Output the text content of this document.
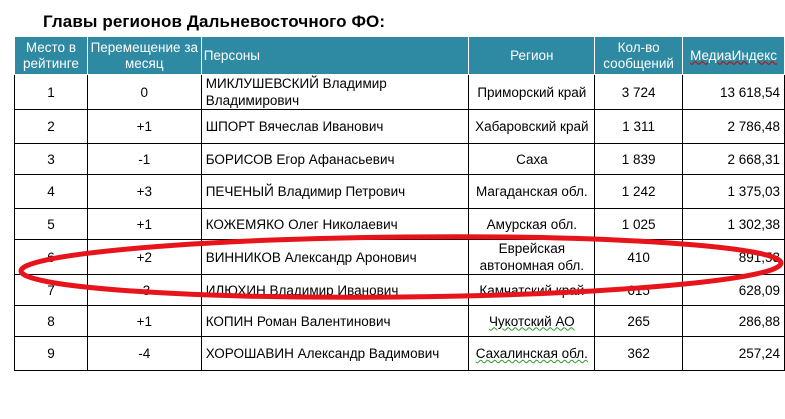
Главы регионов Дальневосточного ФО:
Место в рейтинге	Перемещение за месяц	Персоны	Регион	Кол-во сообщений	МедиаИндекс
1	0	МИКЛУШЕВСКИЙ Владимир Владимирович	Приморский край	3 724	13 618,54
2	+1	ШПОРТ Вячеслав Иванович	Хабаровский край	1 311	2 786,48
3	-1	БОРИСОВ Егор Афанасьевич	Саха	1 839	2 668,31
4	+3	ПЕЧЕНЫЙ Владимир Петрович	Магаданская обл.	1 242	1 375,03
5	+1	КОЖЕМЯКО Олег Николаевич	Амурская обл.	1 025	1 302,38
6	+2	ВИННИКОВ Александр Аронович	Еврейская автономная обл.	410	891,53
7	-3	ИЛЮХИН Владимир Иванович	Камчатский край	615	628,09
8	+1	КОПИН Роман Валентинович	Чукотский АО	265	286,88
9	-4	ХОРОШАВИН Александр Вадимович	Сахалинская обл.	362	257,24
